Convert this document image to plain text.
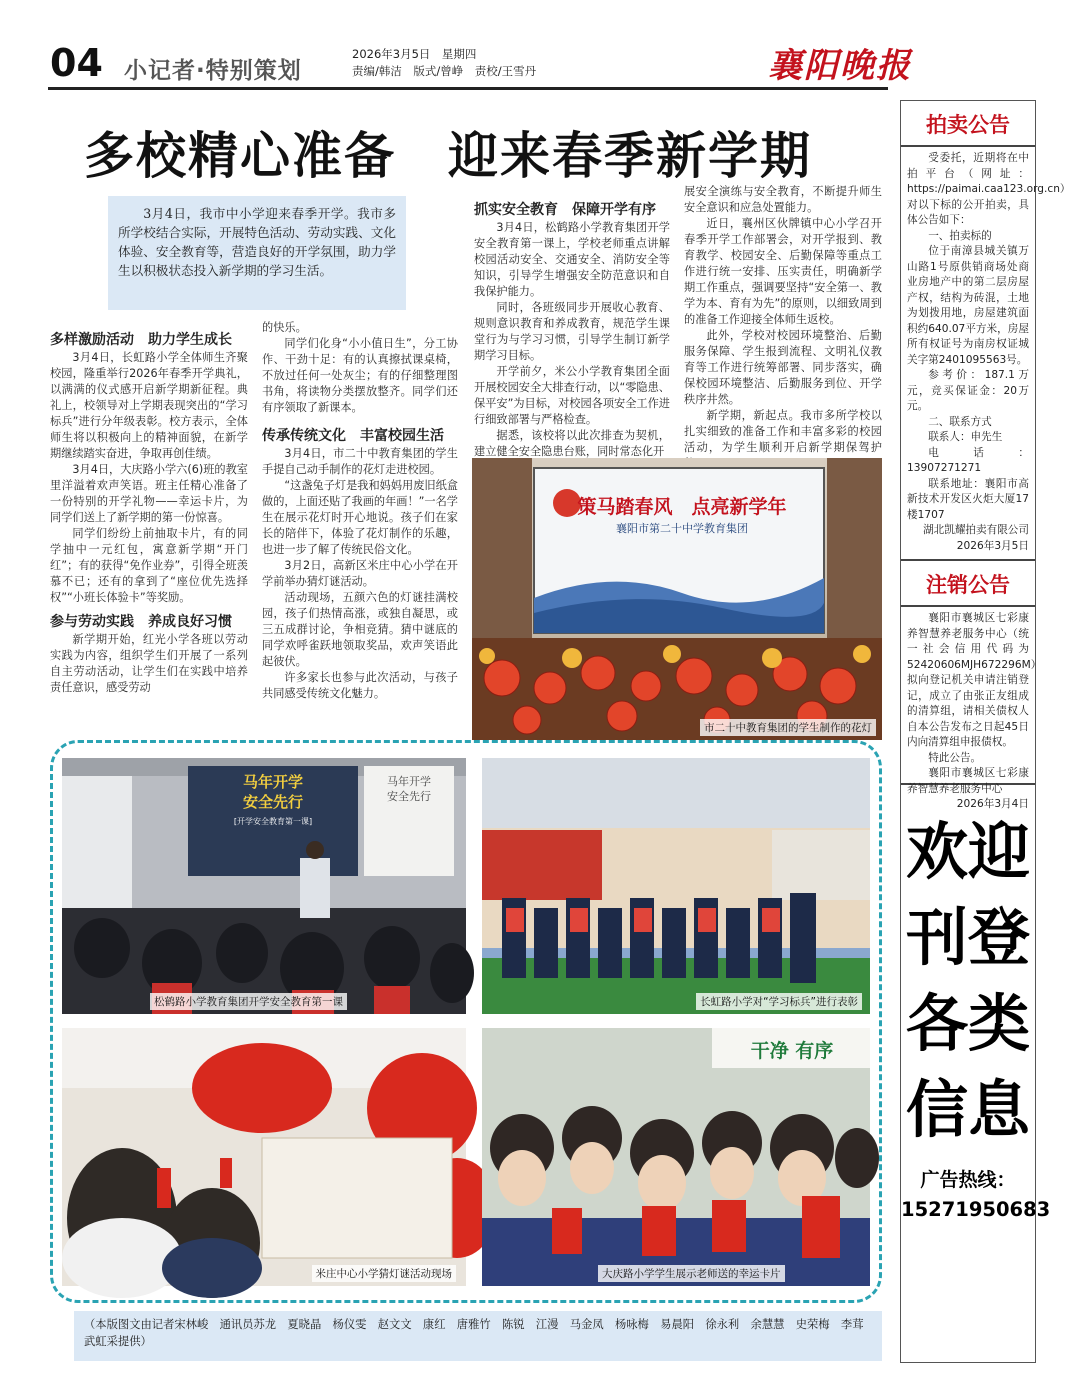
04 小记者·特别策划
2026年3月5日　星期四
责编/韩洁　版式/曾峥　责校/王雪丹	襄阳晚报
多校精心准备　迎来春季新学期

3月4日，我市中小学迎来春季开学。我市多所学校结合实际，开展特色活动、劳动实践、文化体验、安全教育等，营造良好的开学氛围，助力学生以积极状态投入新学期的学习生活。

多样激励活动　助力学生成长

3月4日，长虹路小学全体师生齐聚校园，隆重举行2026年春季开学典礼，以满满的仪式感开启新学期新征程。典礼上，校领导对上学期表现突出的“学习标兵”进行分年级表彰。校方表示，全体师生将以积极向上的精神面貌，在新学期继续踏实奋进，争取再创佳绩。

3月4日，大庆路小学六(6)班的教室里洋溢着欢声笑语。班主任精心准备了一份特别的开学礼物——幸运卡片，为同学们送上了新学期的第一份惊喜。

同学们纷纷上前抽取卡片，有的同学抽中一元红包，寓意新学期“开门红”；有的获得“免作业券”，引得全班羡慕不已；还有的拿到了“座位优先选择权”“小班长体验卡”等奖励。

参与劳动实践　养成良好习惯

新学期开始，红光小学各班以劳动实践为内容，组织学生们开展了一系列自主劳动活动，让学生们在实践中培养责任意识，感受劳动

的快乐。

同学们化身“小小值日生”，分工协作、干劲十足：有的认真擦拭课桌椅，不放过任何一处灰尘；有的仔细整理图书角，将读物分类摆放整齐。同学们还有序领取了新课本。

传承传统文化　丰富校园生活

3月4日，市二十中教育集团的学生手提自己动手制作的花灯走进校园。

“这盏兔子灯是我和妈妈用废旧纸盒做的，上面还贴了我画的年画！”一名学生在展示花灯时开心地说。孩子们在家长的陪伴下，体验了花灯制作的乐趣，也进一步了解了传统民俗文化。

3月2日，高新区米庄中心小学在开学前举办猜灯谜活动。

活动现场，五颜六色的灯谜挂满校园，孩子们热情高涨，或独自凝思，或三五成群讨论，争相竞猜。猜中谜底的同学欢呼雀跃地领取奖品，欢声笑语此起彼伏。

许多家长也参与此次活动，与孩子共同感受传统文化魅力。

抓实安全教育　保障开学有序

3月4日，松鹤路小学教育集团开学安全教育第一课上，学校老师重点讲解校园活动安全、交通安全、消防安全等知识，引导学生增强安全防范意识和自我保护能力。

同时，各班级同步开展收心教育、规则意识教育和养成教育，规范学生课堂行为与学习习惯，引导学生制订新学期学习目标。

开学前夕，米公小学教育集团全面开展校园安全大排查行动，以“零隐患、保平安”为目标，对校园各项安全工作进行细致部署与严格检查。

据悉，该校将以此次排查为契机，建立健全安全隐患台账，同时常态化开

展安全演练与安全教育，不断提升师生安全意识和应急处置能力。

近日，襄州区伙牌镇中心小学召开春季开学工作部署会，对开学报到、教育教学、校园安全、后勤保障等重点工作进行统一安排、压实责任，明确新学期工作重点，强调要坚持“安全第一、教学为本、育有为先”的原则，以细致周到的准备工作迎接全体师生返校。

此外，学校对校园环境整治、后勤服务保障、学生报到流程、文明礼仪教育等工作进行统筹部署、同步落实，确保校园环境整洁、后勤服务到位、开学秩序井然。

新学期，新起点。我市多所学校以扎实细致的准备工作和丰富多彩的校园活动，为学生顺利开启新学期保驾护

策马踏春风　点亮新学年
襄阳市第二十中学教育集团
市二十中教育集团的学生制作的花灯
马年开学
安全先行
[开学安全教育第一课]
马年开学
安全先行
松鹤路小学教育集团开学安全教育第一课	长虹路小学对“学习标兵”进行表彰
米庄中心小学猜灯谜活动现场
干净 有序
大庆路小学学生展示老师送的幸运卡片
（本版图文由记者宋林峻　通讯员苏龙　夏晓晶　杨仪雯　赵文文　康红　唐雅竹　陈锐　江漫　马金凤　杨咏梅　易晨阳　徐永利　余慧慧　史荣梅　李茸　武虹采提供）
拍卖公告

受委托，近期将在中拍平台（网址：https://paimai.caa123.org.cn）对以下标的公开拍卖，具体公告如下：

一、拍卖标的

位于南漳县城关镇万山路1号原供销商场处商业房地产中的第二层房屋产权，结构为砖混，土地为划拨用地，房屋建筑面积约640.07平方米，房屋所有权证号为南房权证城关字第2401095563号。

参考价：187.1万元，竞买保证金：20万元。

二、联系方式

联系人：申先生

电话：13907271271

联系地址：襄阳市高新技术开发区火炬大厦17楼1707

湖北凯耀拍卖有限公司

2026年3月5日

注销公告

襄阳市襄城区七彩康养智慧养老服务中心（统一社会信用代码为52420606MJH672296M）拟向登记机关申请注销登记，成立了由张正友组成的清算组，请相关债权人自本公告发布之日起45日内向清算组申报债权。

特此公告。

襄阳市襄城区七彩康养智慧养老服务中心

2026年3月4日

欢迎
刊登
各类
信息
广告热线：
15271950683
